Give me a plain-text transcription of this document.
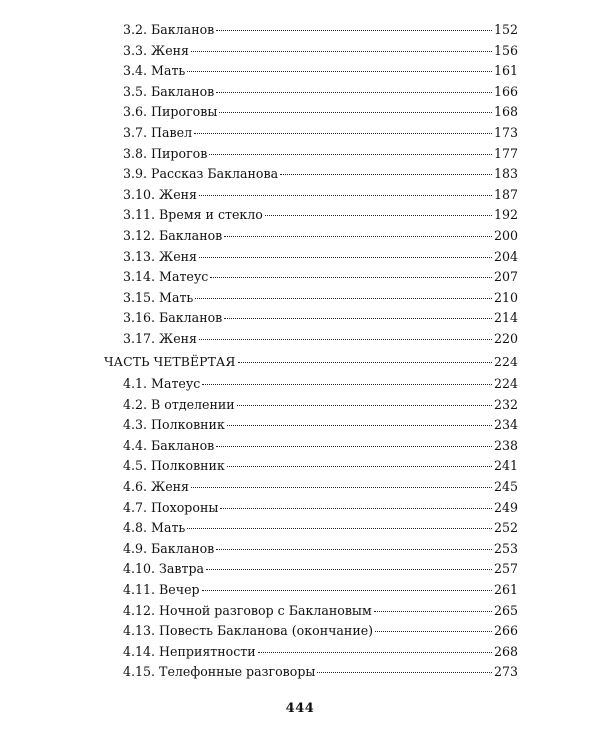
3.2. Бакланов	152
3.3. Женя	156
3.4. Мать	161
3.5. Бакланов	166
3.6. Пироговы	168
3.7. Павел	173
3.8. Пирогов	177
3.9. Рассказ Бакланова	183
3.10. Женя	187
3.11. Время и стекло	192
3.12. Бакланов	200
3.13. Женя	204
3.14. Матеус	207
3.15. Мать	210
3.16. Бакланов	214
3.17. Женя	220
ЧАСТЬ ЧЕТВЁРТАЯ	224
4.1. Матеус	224
4.2. В отделении	232
4.3. Полковник	234
4.4. Бакланов	238
4.5. Полковник	241
4.6. Женя	245
4.7. Похороны	249
4.8. Мать	252
4.9. Бакланов	253
4.10. Завтра	257
4.11. Вечер	261
4.12. Ночной разговор с Баклановым	265
4.13. Повесть Бакланова (окончание)	266
4.14. Неприятности	268
4.15. Телефонные разговоры	273
444
